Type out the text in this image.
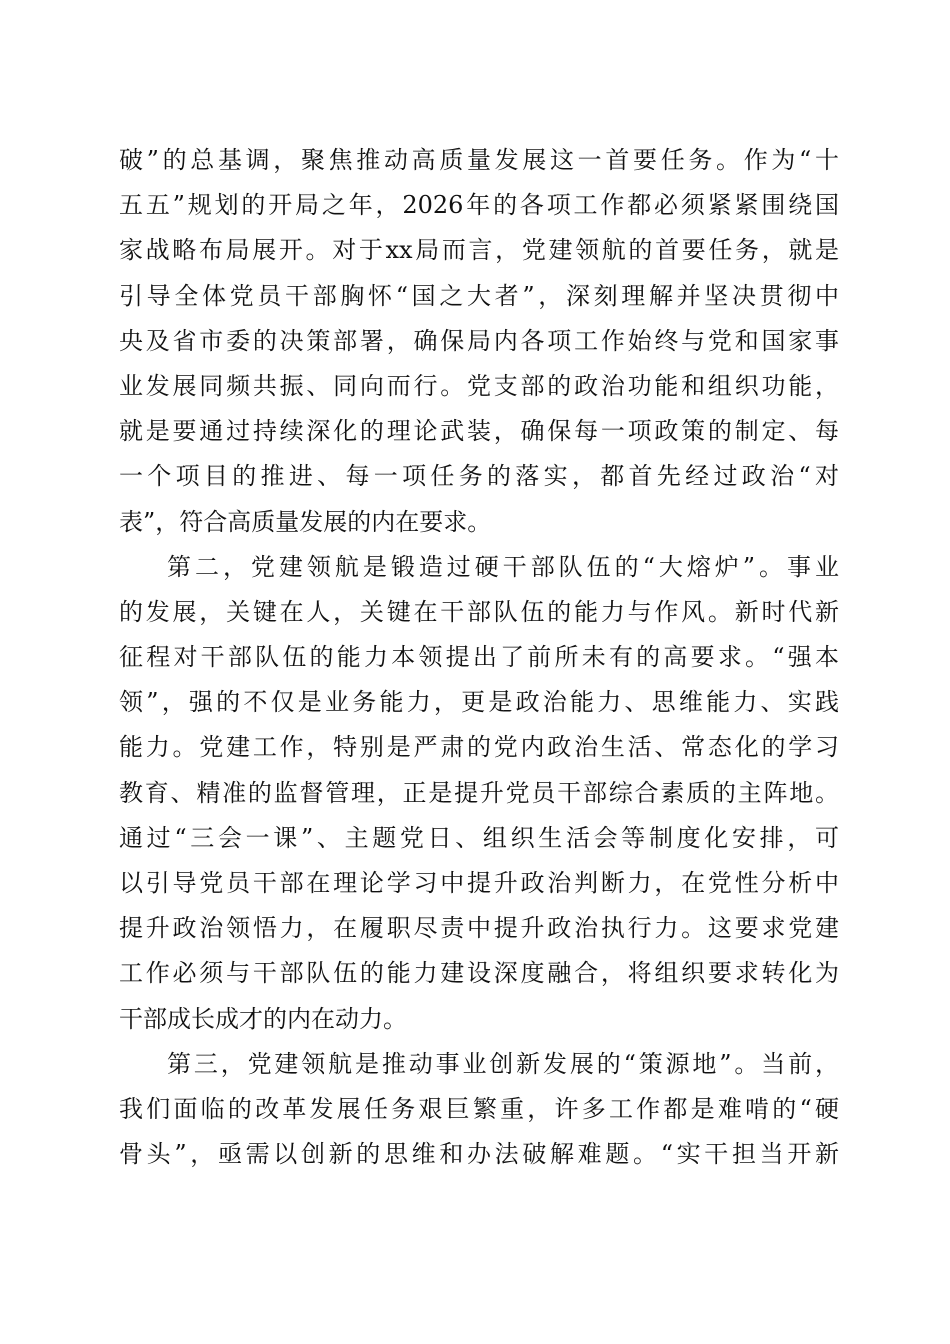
破”的总基调，聚焦推动高质量发展这一首要任务。作为“十
五五”规划的开局之年，2026年的各项工作都必须紧紧围绕国
家战略布局展开。对于xx局而言，党建领航的首要任务，就是
引导全体党员干部胸怀“国之大者”，深刻理解并坚决贯彻中
央及省市委的决策部署，确保局内各项工作始终与党和国家事
业发展同频共振、同向而行。党支部的政治功能和组织功能，
就是要通过持续深化的理论武装，确保每一项政策的制定、每
一个项目的推进、每一项任务的落实，都首先经过政治“对
表”，符合高质量发展的内在要求。
第二，党建领航是锻造过硬干部队伍的“大熔炉”。事业
的发展，关键在人，关键在干部队伍的能力与作风。新时代新
征程对干部队伍的能力本领提出了前所未有的高要求。“强本
领”，强的不仅是业务能力，更是政治能力、思维能力、实践
能力。党建工作，特别是严肃的党内政治生活、常态化的学习
教育、精准的监督管理，正是提升党员干部综合素质的主阵地。
通过“三会一课”、主题党日、组织生活会等制度化安排，可
以引导党员干部在理论学习中提升政治判断力，在党性分析中
提升政治领悟力，在履职尽责中提升政治执行力。这要求党建
工作必须与干部队伍的能力建设深度融合，将组织要求转化为
干部成长成才的内在动力。
第三，党建领航是推动事业创新发展的“策源地”。当前，
我们面临的改革发展任务艰巨繁重，许多工作都是难啃的“硬
骨头”，亟需以创新的思维和办法破解难题。“实干担当开新
